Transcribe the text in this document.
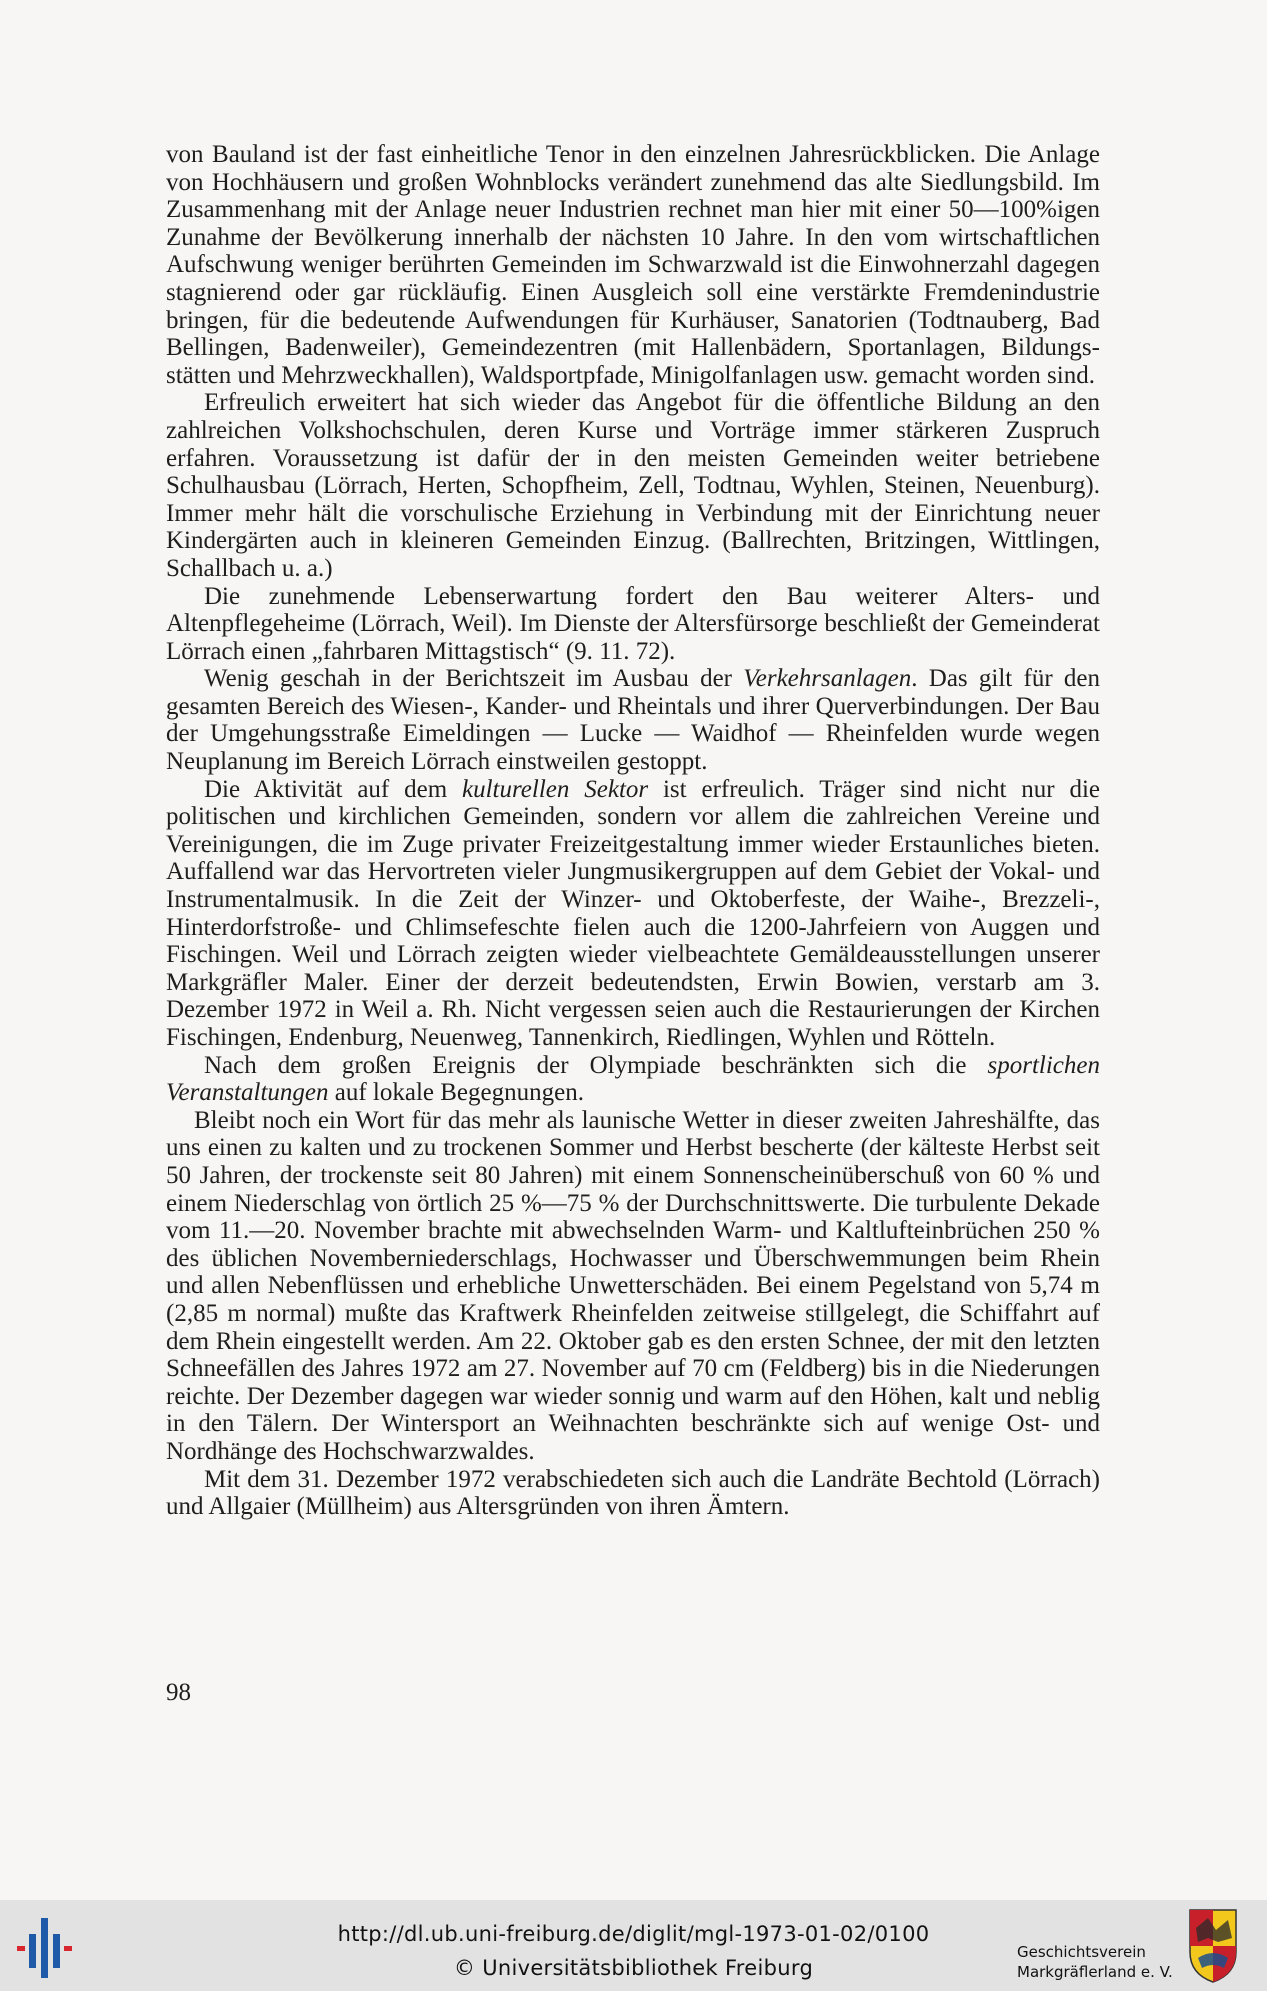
von Bauland ist der fast einheitliche Tenor in den einzelnen Jahresrückblicken. Die Anlage von Hochhäusern und großen Wohnblocks verändert zunehmend das alte Siedlungsbild. Im Zusammenhang mit der Anlage neuer Industrien rechnet man hier mit einer 50—100%igen Zunahme der Bevölkerung innerhalb der nächsten 10 Jahre. In den vom wirtschaftlichen Aufschwung weniger berührten Gemeinden im Schwarzwald ist die Einwohnerzahl dagegen stagnierend oder gar rückläufig. Einen Ausgleich soll eine verstärkte Fremdenindustrie bringen, für die bedeutende Aufwendungen für Kurhäuser, Sanatorien (Todtnauberg, Bad Bellingen, Badenweiler), Gemeindezentren (mit Hallenbädern, Sportanlagen, Bildungsstätten und Mehrzweckhallen), Waldsportpfade, Minigolfanlagen usw. gemacht worden sind.

Erfreulich erweitert hat sich wieder das Angebot für die öffentliche Bildung an den zahlreichen Volkshochschulen, deren Kurse und Vorträge immer stärkeren Zuspruch erfahren. Voraussetzung ist dafür der in den meisten Gemeinden weiter betriebene Schulhausbau (Lörrach, Herten, Schopfheim, Zell, Todtnau, Wyhlen, Steinen, Neuenburg). Immer mehr hält die vorschulische Erziehung in Verbindung mit der Einrichtung neuer Kindergärten auch in kleineren Gemeinden Einzug. (Ballrechten, Britzingen, Wittlingen, Schallbach u. a.)

Die zunehmende Lebenserwartung fordert den Bau weiterer Alters- und Altenpflegeheime (Lörrach, Weil). Im Dienste der Altersfürsorge beschließt der Gemeinderat Lörrach einen „fahrbaren Mittagstisch“ (9. 11. 72).

Wenig geschah in der Berichtszeit im Ausbau der Verkehrsanlagen. Das gilt für den gesamten Bereich des Wiesen-, Kander- und Rheintals und ihrer Querverbindungen. Der Bau der Umgehungsstraße Eimeldingen — Lucke — Waidhof — Rheinfelden wurde wegen Neuplanung im Bereich Lörrach einstweilen gestoppt.

Die Aktivität auf dem kulturellen Sektor ist erfreulich. Träger sind nicht nur die politischen und kirchlichen Gemeinden, sondern vor allem die zahlreichen Vereine und Vereinigungen, die im Zuge privater Freizeitgestaltung immer wieder Erstaunliches bieten. Auffallend war das Hervortreten vieler Jungmusikergruppen auf dem Gebiet der Vokal- und Instrumentalmusik. In die Zeit der Winzer- und Oktoberfeste, der Waihe-, Brezzeli-, Hinterdorfstroße- und Chlimsefeschte fielen auch die 1200-Jahrfeiern von Auggen und Fischingen. Weil und Lörrach zeigten wieder vielbeachtete Gemäldeausstellungen unserer Markgräfler Maler. Einer der derzeit bedeutendsten, Erwin Bowien, verstarb am 3. Dezember 1972 in Weil a. Rh. Nicht vergessen seien auch die Restaurierungen der Kirchen Fischingen, Endenburg, Neuenweg, Tannenkirch, Riedlingen, Wyhlen und Rötteln.

Nach dem großen Ereignis der Olympiade beschränkten sich die sportlichen Veranstaltungen auf lokale Begegnungen.

Bleibt noch ein Wort für das mehr als launische Wetter in dieser zweiten Jahreshälfte, das uns einen zu kalten und zu trockenen Sommer und Herbst bescherte (der kälteste Herbst seit 50 Jahren, der trockenste seit 80 Jahren) mit einem Sonnenscheinüberschuß von 60 % und einem Niederschlag von örtlich 25 %—75 % der Durchschnittswerte. Die turbulente Dekade vom 11.—20. November brachte mit abwechselnden Warm- und Kaltlufteinbrüchen 250 % des üblichen Novemberniederschlags, Hochwasser und Überschwemmungen beim Rhein und allen Nebenflüssen und erhebliche Unwetterschäden. Bei einem Pegelstand von 5,74 m (2,85 m normal) mußte das Kraftwerk Rheinfelden zeitweise stillgelegt, die Schiffahrt auf dem Rhein eingestellt werden. Am 22. Oktober gab es den ersten Schnee, der mit den letzten Schneefällen des Jahres 1972 am 27. November auf 70 cm (Feldberg) bis in die Niederungen reichte. Der Dezember dagegen war wieder sonnig und warm auf den Höhen, kalt und neblig in den Tälern. Der Wintersport an Weihnachten beschränkte sich auf wenige Ost- und Nordhänge des Hochschwarzwaldes.

Mit dem 31. Dezember 1972 verabschiedeten sich auch die Landräte Bechtold (Lörrach) und Allgaier (Müllheim) aus Altersgründen von ihren Ämtern.

98
http://dl.ub.uni-freiburg.de/diglit/mgl-1973-01-02/0100
© Universitätsbibliothek Freiburg
Geschichtsverein
Markgräflerland e. V.
